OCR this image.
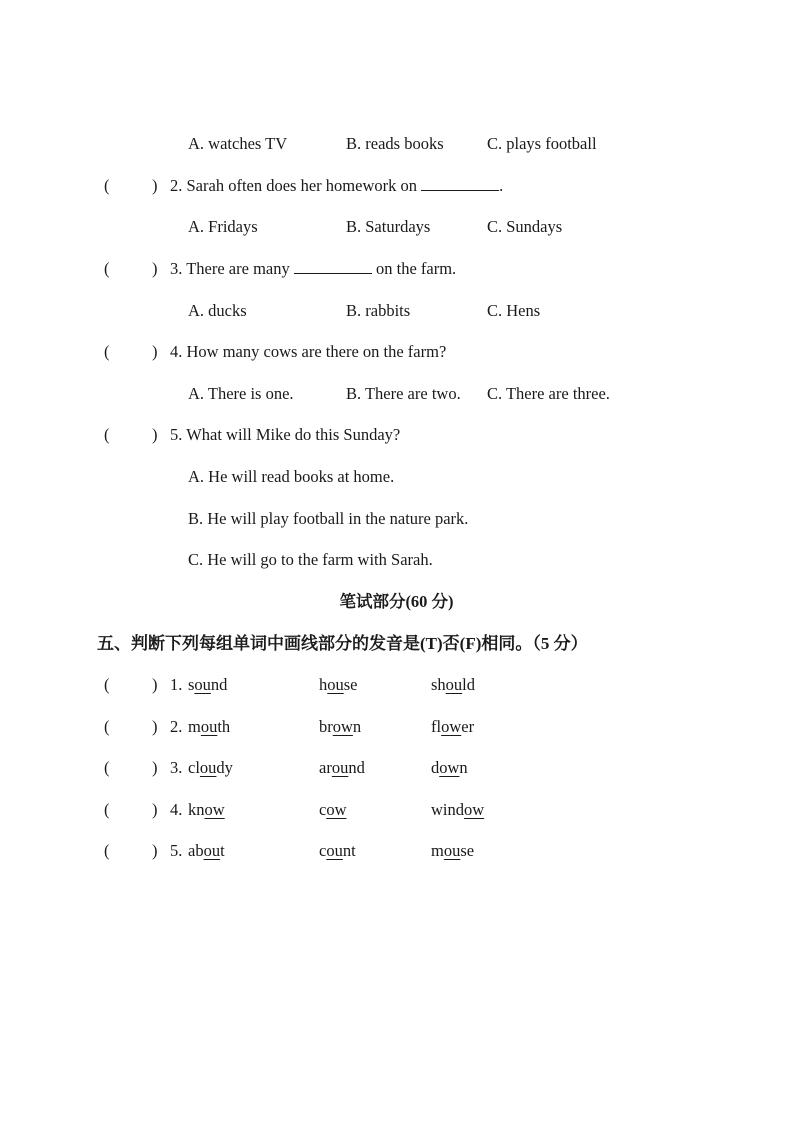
A. watches TV	B. reads books	C. plays football
(	) 2. Sarah often does her homework on	.
A. Fridays	B. Saturdays	C. Sundays
(	) 3. There are many	on the farm.
A. ducks	B. rabbits	C. Hens
(	) 4. How many cows are there on the farm?
A. There is one.	B. There are two. C. There are three.
(	) 5. What will Mike do this Sunday?
A. He will read books at home.
B. He will play football in the nature park.
C. He will go to the farm with Sarah.
笔试部分(60 分)
五、判断下列每组单词中画线部分的发音是(T)否(F)相同。（5 分）
(	) 1. sound	house	should
(	) 2. mouth	brown	flower
(	) 3. cloudy	around	down
(	) 4. know	cow	window
(	) 5. about	count	mouse
